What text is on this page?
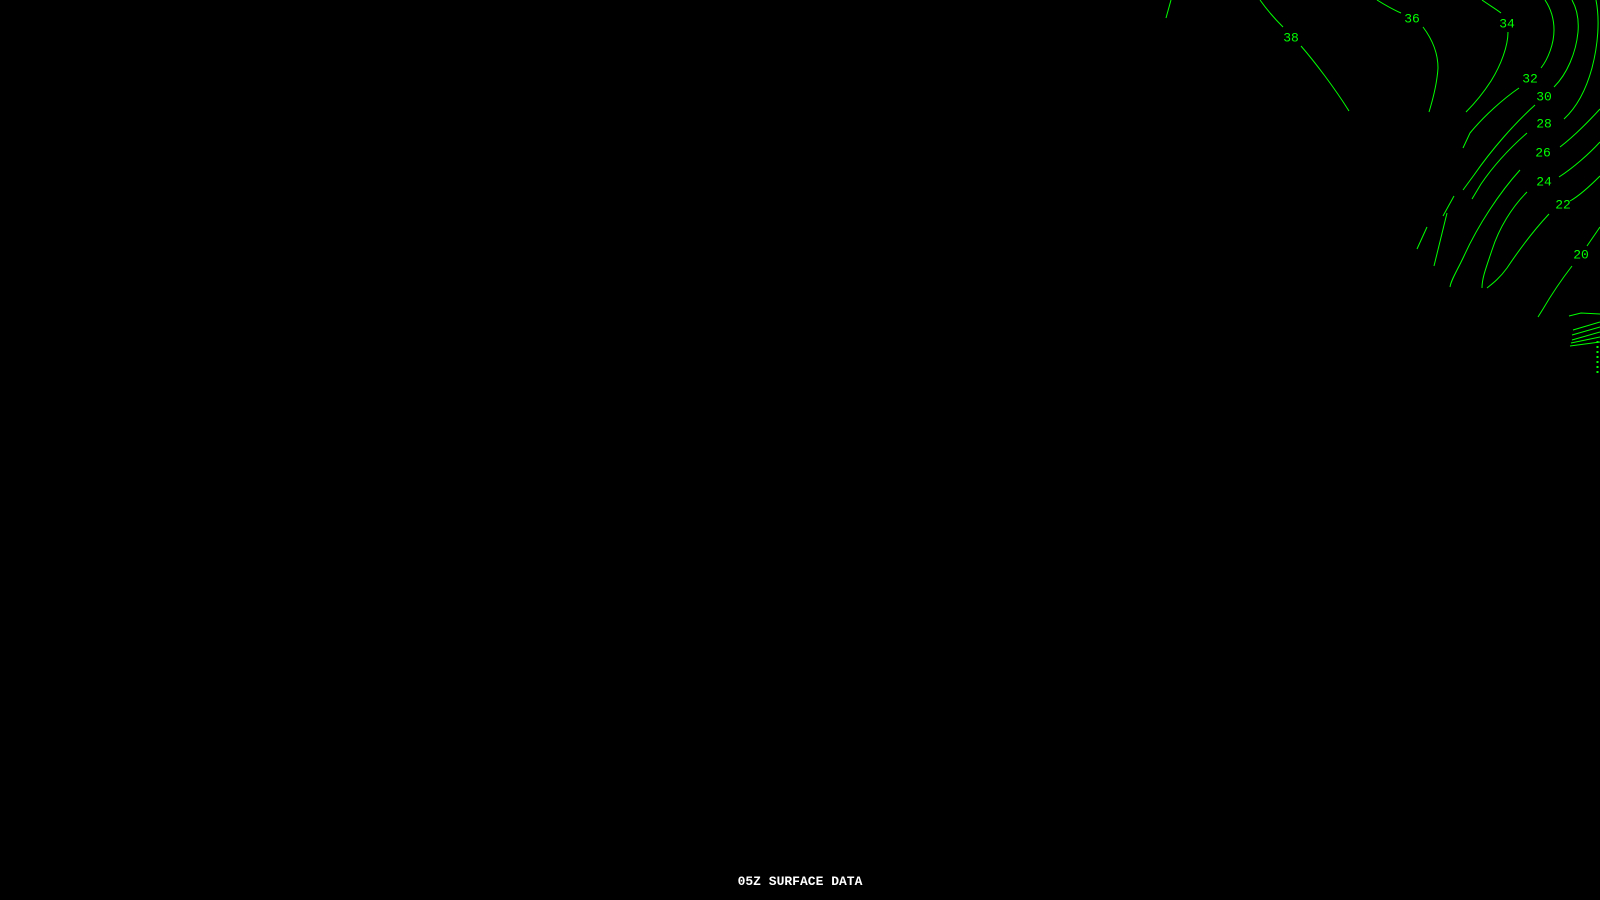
38
36	34
32
30
28
26
24
22
20
05Z SURFACE DATA
